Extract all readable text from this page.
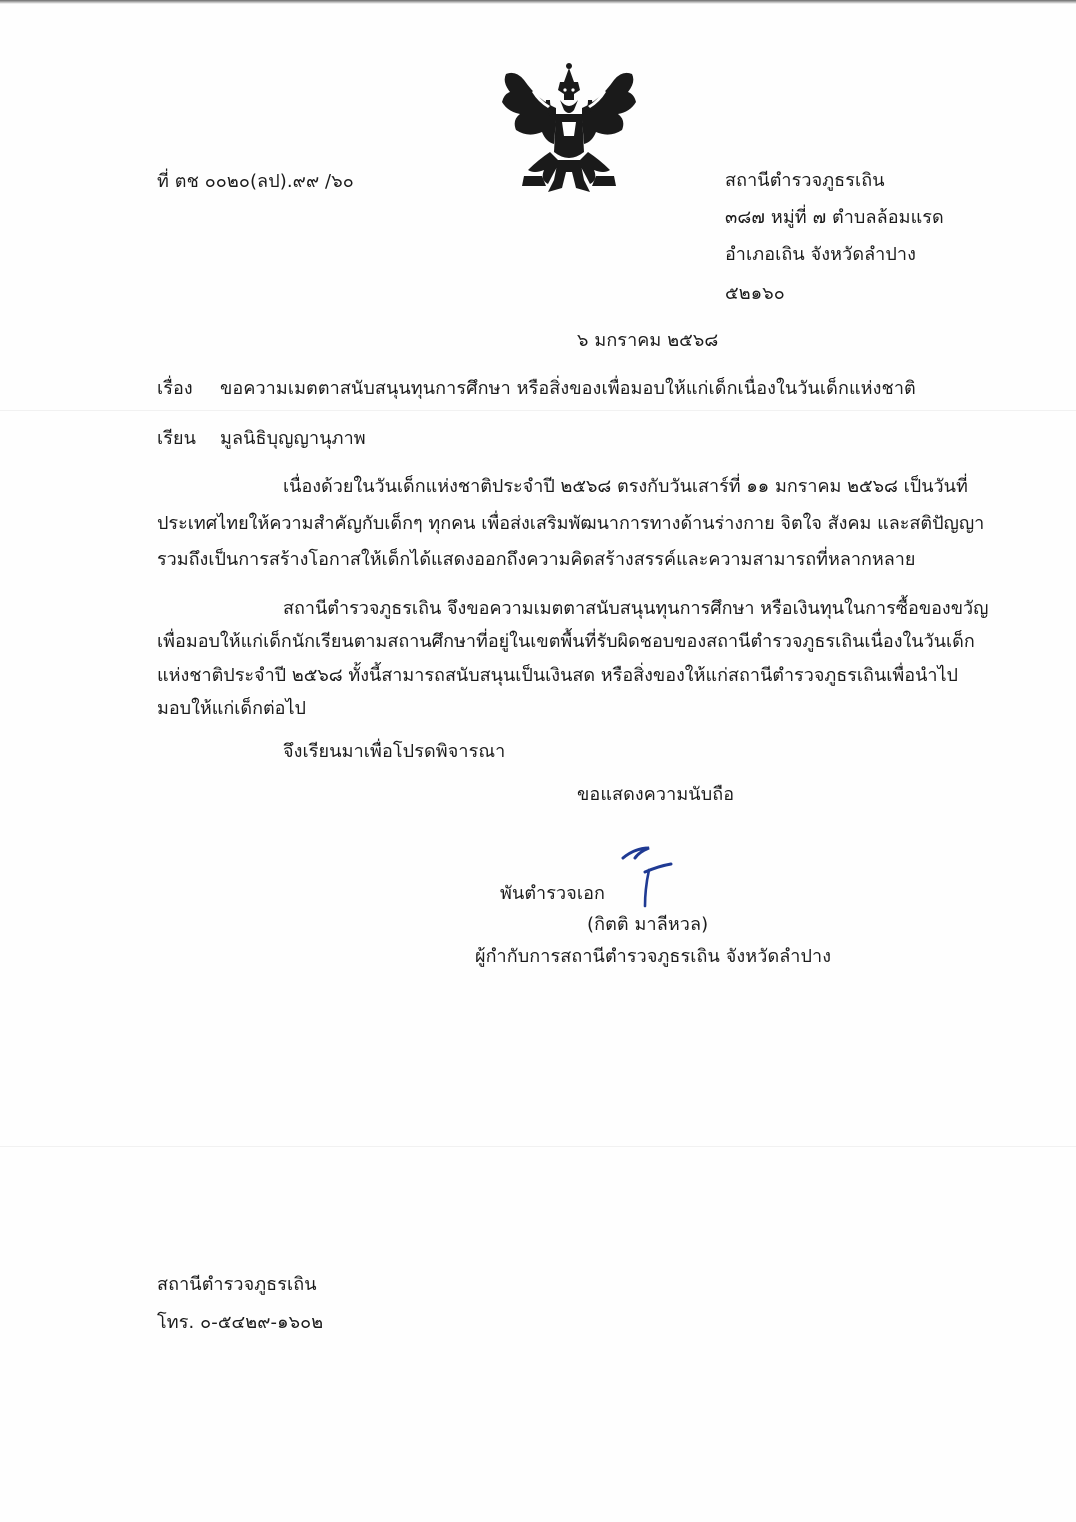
ที่ ตช ๐๐๒๐(ลป).๙๙ /๖๐	สถานีตำรวจภูธรเถิน
๓๘๗ หมู่ที่ ๗ ตำบลล้อมแรด
อำเภอเถิน จังหวัดลำปาง
๕๒๑๖๐
๖ มกราคม ๒๕๖๘
เรื่อง ขอความเมตตาสนับสนุนทุนการศึกษา หรือสิ่งของเพื่อมอบให้แก่เด็กเนื่องในวันเด็กแห่งชาติ
เรียน มูลนิธิบุญญานุภาพ
เนื่องด้วยในวันเด็กแห่งชาติประจำปี ๒๕๖๘ ตรงกับวันเสาร์ที่ ๑๑ มกราคม ๒๕๖๘ เป็นวันที่
ประเทศไทยให้ความสำคัญกับเด็กๆ ทุกคน เพื่อส่งเสริมพัฒนาการทางด้านร่างกาย จิตใจ สังคม และสติปัญญา
รวมถึงเป็นการสร้างโอกาสให้เด็กได้แสดงออกถึงความคิดสร้างสรรค์และความสามารถที่หลากหลาย
สถานีตำรวจภูธรเถิน จึงขอความเมตตาสนับสนุนทุนการศึกษา หรือเงินทุนในการซื้อของขวัญ
เพื่อมอบให้แก่เด็กนักเรียนตามสถานศึกษาที่อยู่ในเขตพื้นที่รับผิดชอบของสถานีตำรวจภูธรเถินเนื่องในวันเด็ก
แห่งชาติประจำปี ๒๕๖๘ ทั้งนี้สามารถสนับสนุนเป็นเงินสด หรือสิ่งของให้แก่สถานีตำรวจภูธรเถินเพื่อนำไป
มอบให้แก่เด็กต่อไป
จึงเรียนมาเพื่อโปรดพิจารณา
ขอแสดงความนับถือ
พันตำรวจเอก
(กิตติ มาลีหวล)
ผู้กำกับการสถานีตำรวจภูธรเถิน จังหวัดลำปาง
สถานีตำรวจภูธรเถิน
โทร. ๐-๕๔๒๙-๑๖๐๒
